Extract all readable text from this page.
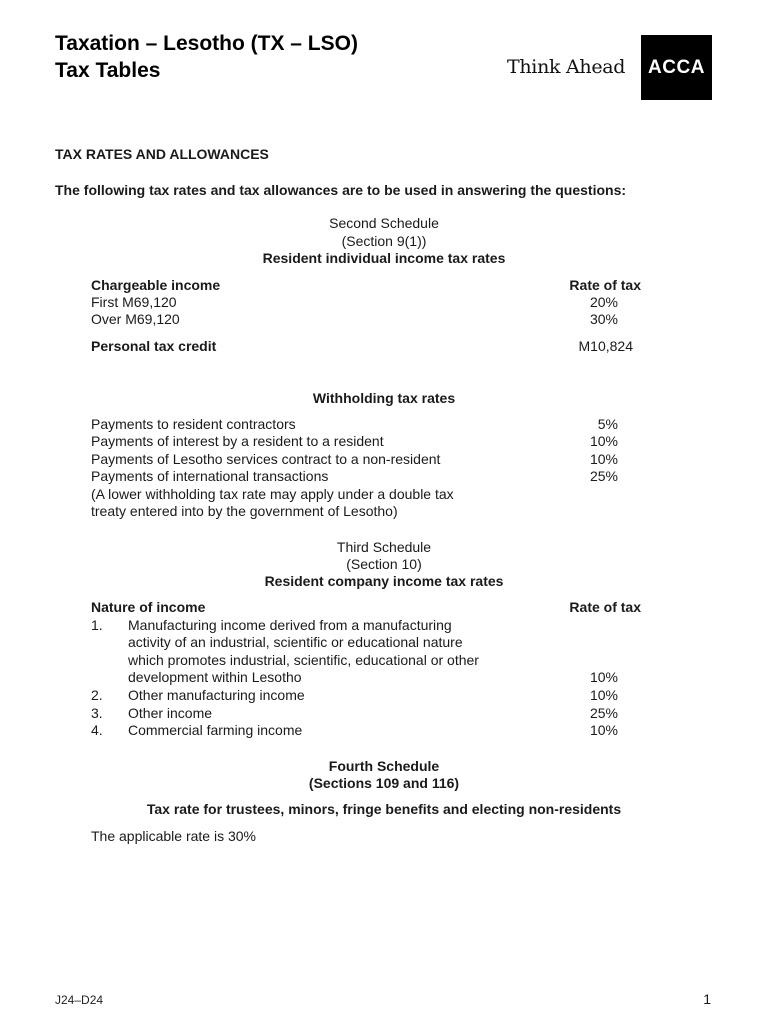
Taxation – Lesotho (TX – LSO)
Tax Tables	Think Ahead ACCA
TAX RATES AND ALLOWANCES
The following tax rates and tax allowances are to be used in answering the questions:
Second Schedule
(Section 9(1))
Resident individual income tax rates
Chargeable income	Rate of tax
First M69,120	20%
Over M69,120	30%
Personal tax credit	M10,824
Withholding tax rates
Payments to resident contractors	5%
Payments of interest by a resident to a resident	10%
Payments of Lesotho services contract to a non-resident	10%
Payments of international transactions	25%
(A lower withholding tax rate may apply under a double tax
treaty entered into by the government of Lesotho)
Third Schedule
(Section 10)
Resident company income tax rates
Nature of income	Rate of tax
1. Manufacturing income derived from a manufacturing
activity of an industrial, scientific or educational nature
which promotes industrial, scientific, educational or other
development within Lesotho	10%
2. Other manufacturing income	10%
3. Other income	25%
4. Commercial farming income	10%
Fourth Schedule
(Sections 109 and 116)
Tax rate for trustees, minors, fringe benefits and electing non-residents
The applicable rate is 30%
J24–D24	1
